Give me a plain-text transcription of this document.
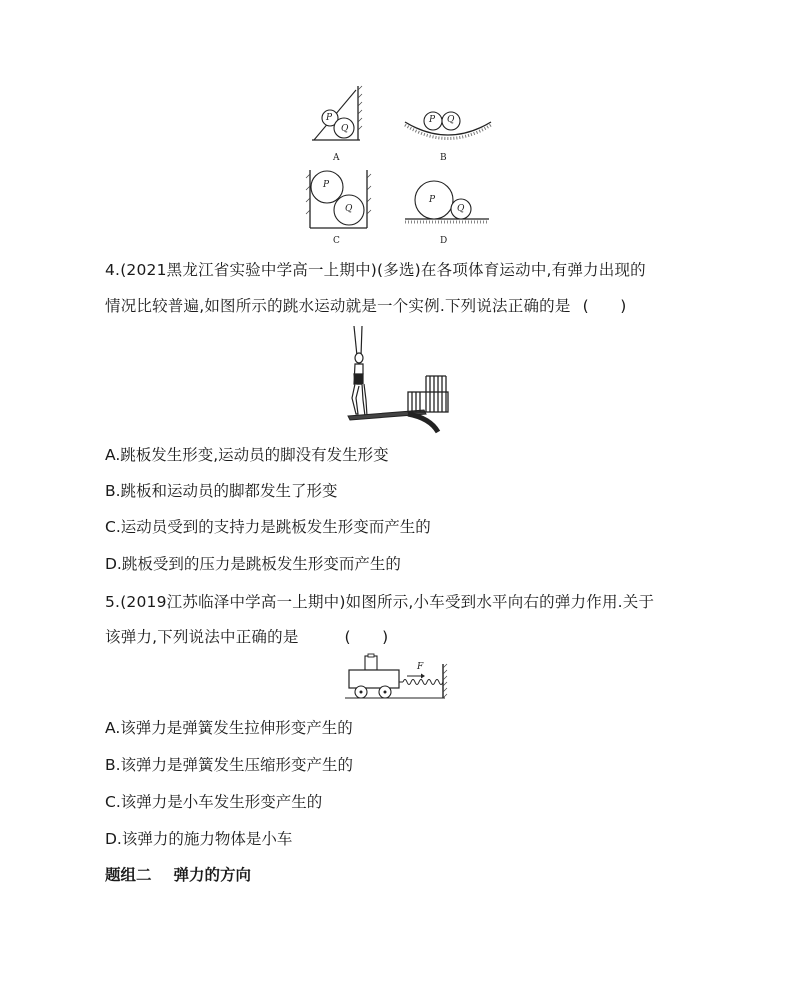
P
Q
A
P Q
B
P
Q
C
P
Q
D
4.(2021黑龙江省实验中学高一上期中)(多选)在各项体育运动中,有弹力出现的
情况比较普遍,如图所示的跳水运动就是一个实例.下列说法正确的是 (　　)
A.跳板发生形变,运动员的脚没有发生形变
B.跳板和运动员的脚都发生了形变
C.运动员受到的支持力是跳板发生形变而产生的
D.跳板受到的压力是跳板发生形变而产生的
5.(2019江苏临泽中学高一上期中)如图所示,小车受到水平向右的弹力作用.关于
该弹力,下列说法中正确的是	(　　)
F
A.该弹力是弹簧发生拉伸形变产生的
B.该弹力是弹簧发生压缩形变产生的
C.该弹力是小车发生形变产生的
D.该弹力的施力物体是小车
题组二 弹力的方向
